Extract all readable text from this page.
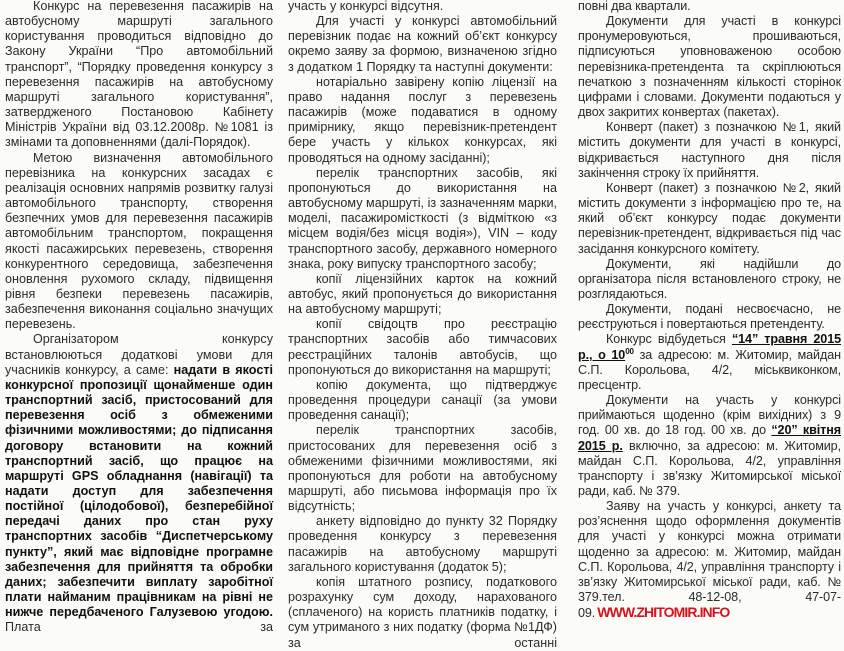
Конкурс на перевезення пасажирів на автобусному маршруті загального користування проводиться відповідно до Закону України “Про автомобільний транспорт”, “Порядку проведення конкурсу з перевезення пасажирів на автобусному маршруті загального користування”, затвердженого Постановою Кабінету Міністрів України від 03.12.2008р. №1081 із змінами та доповненнями (далі-Порядок).

Метою визначення автомобільного перевізника на конкурсних засадах є реалізація основних напрямів розвитку галузі автомобільного транспорту, створення безпечних умов для перевезення пасажирів автомобільним транспортом, покращення якості пасажирських перевезень, створення конкурентного середовища, забезпечення оновлення рухомого складу, підвищення рівня безпеки перевезень пасажирів, забезпечення виконання соціально значущих перевезень.

Організатором конкурсу встановлюються додаткові умови для учасників конкурсу, а саме: надати в якості конкурсної пропозиції щонайменше один транспортний засіб, пристосований для перевезення осіб з обмеженими фізичними можливостями; до підписання договору встановити на кожний транспортний засіб, що працює на маршруті GPS обладнання (навігації) та надати доступ для забезпечення постійної (цілодобової), безперебійної передачі даних про стан руху транспортних засобів “Диспетчерському пункту”, який має відповідне програмне забезпечення для прийняття та обробки даних; забезпечити виплату заробітної плати найманим працівникам на рівні не нижче передбаченого Галузевою угодою. Плата за

участь у конкурсі відсутня.

Для участі у конкурсі автомобільний перевізник подає на кожний об’єкт конкурсу окремо заяву за формою, визначеною згідно з додатком 1 Порядку та наступні документи:

нотаріально завірену копію ліцензії на право надання послуг з перевезень пасажирів (може подаватися в одному примірнику, якщо перевізник-претендент бере участь у кількох конкурсах, які проводяться на одному засіданні);

перелік транспортних засобів, які пропонуються до використання на автобусному маршруті, із зазначенням марки, моделі, пасажиромісткості (з відміткою «з місцем водія/без місця водія»), VIN – коду транспортного засобу, державного номерного знака, року випуску транспортного засобу;

копії ліцензійних карток на кожний автобус, який пропонується до використання на автобусному маршруті;

копії свідоцтв про реєстрацію транспортних засобів або тимчасових реєстраційних талонів автобусів, що пропонуються до використання на маршруті;

копію документа, що підтверджує проведення процедури санації (за умови проведення санації);

перелік транспортних засобів, пристосованих для перевезення осіб з обмеженими фізичними можливостями, які пропонуються для роботи на автобусному маршруті, або письмова інформація про їх відсутність;

анкету відповідно до пункту 32 Порядку проведення конкурсу з перевезення пасажирів на автобусному маршруті загального користування (додаток 5);

копія штатного розпису, податкового розрахунку сум доходу, нарахованого (сплаченого) на користь платників податку, і сум утриманого з них податку (форма №1ДФ) за останні

повні два квартали.

Документи для участі в конкурсі пронумеровуються, прошиваються, підписуються уповноваженою особою перевізника-претендента та скріплюються печаткою з позначенням кількості сторінок цифрами і словами. Документи подаються у двох закритих конвертах (пакетах).

Конверт (пакет) з позначкою №1, який містить документи для участі в конкурсі, відкривається наступного дня після закінчення строку їх прийняття.

Конверт (пакет) з позначкою №2, який містить документи з інформацією про те, на який об’єкт конкурсу подає документи перевізник-претендент, відкривається під час засідання конкурсного комітету.

Документи, які надійшли до організатора після встановленого строку, не розглядаються.

Документи, подані несвоєчасно, не реєструються і повертаються претенденту.

Конкурс відбудеться “14” травня 2015 р., о $10^{00}$ за адресою: м. Житомир, майдан С.П. Корольова, 4/2, міськвиконком, пресцентр.

Документи на участь у конкурсі приймаються щоденно (крім вихідних) з 9 год. 00 хв. до 18 год. 00 хв. до “20” квітня 2015 р. включно, за адресою: м. Житомир, майдан С.П. Корольова, 4/2, управління транспорту і зв’язку Житомирської міської ради, каб. № 379.

Заяву на участь у конкурсі, анкету та роз’яснення щодо оформлення документів для участі у конкурсі можна отримати щоденно за адресою: м. Житомир, майдан С.П. Корольова, 4/2, управління транспорту і зв’язку Житомирської міської ради, каб. № 379.тел. 48-12-08, 47-07-09. WWW.ZHITOMIR.INFO
